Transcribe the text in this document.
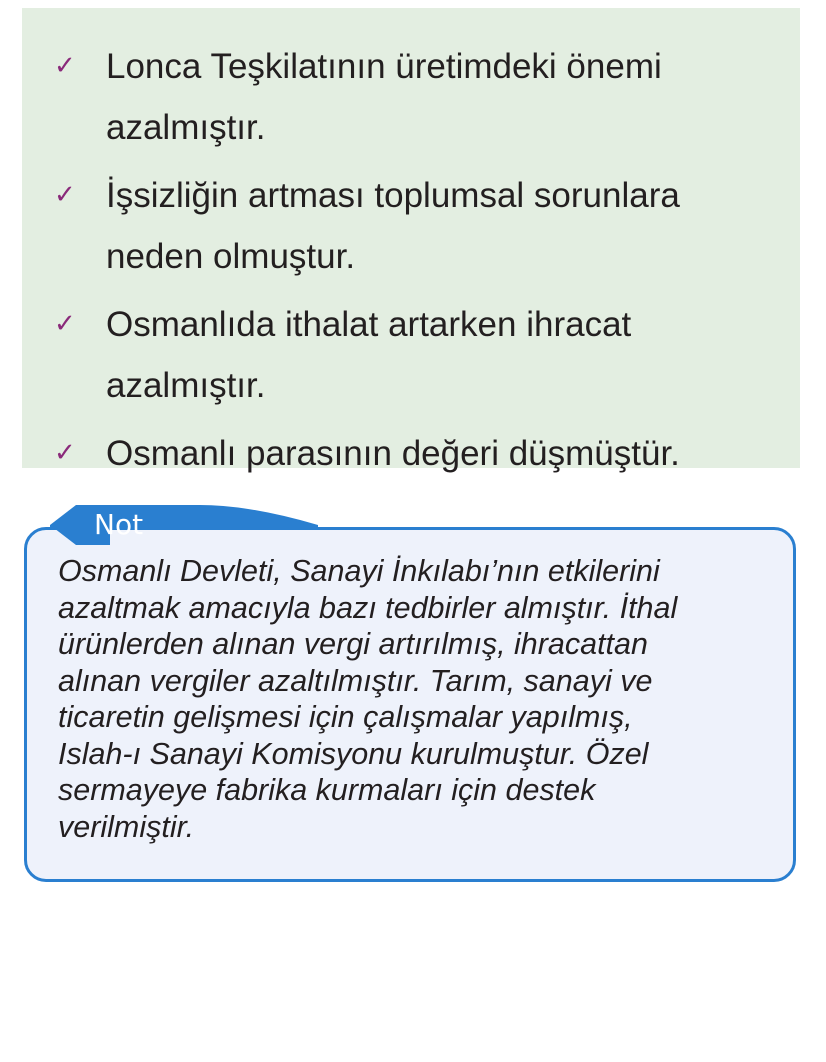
✓ Lonca Teşkilatının üretimdeki önemi
azalmıştır.
✓ İşsizliğin artması toplumsal sorunlara
neden olmuştur.
✓ Osmanlıda ithalat artarken ihracat
azalmıştır.
✓ Osmanlı parasının değeri düşmüştür.
Not

Osmanlı Devleti, Sanayi İnkılabı’nın etkilerini
azaltmak amacıyla bazı tedbirler almıştır. İthal
ürünlerden alınan vergi artırılmış, ihracattan
alınan vergiler azaltılmıştır. Tarım, sanayi ve
ticaretin gelişmesi için çalışmalar yapılmış,
Islah-ı Sanayi Komisyonu kurulmuştur. Özel
sermayeye fabrika kurmaları için destek
verilmiştir.
